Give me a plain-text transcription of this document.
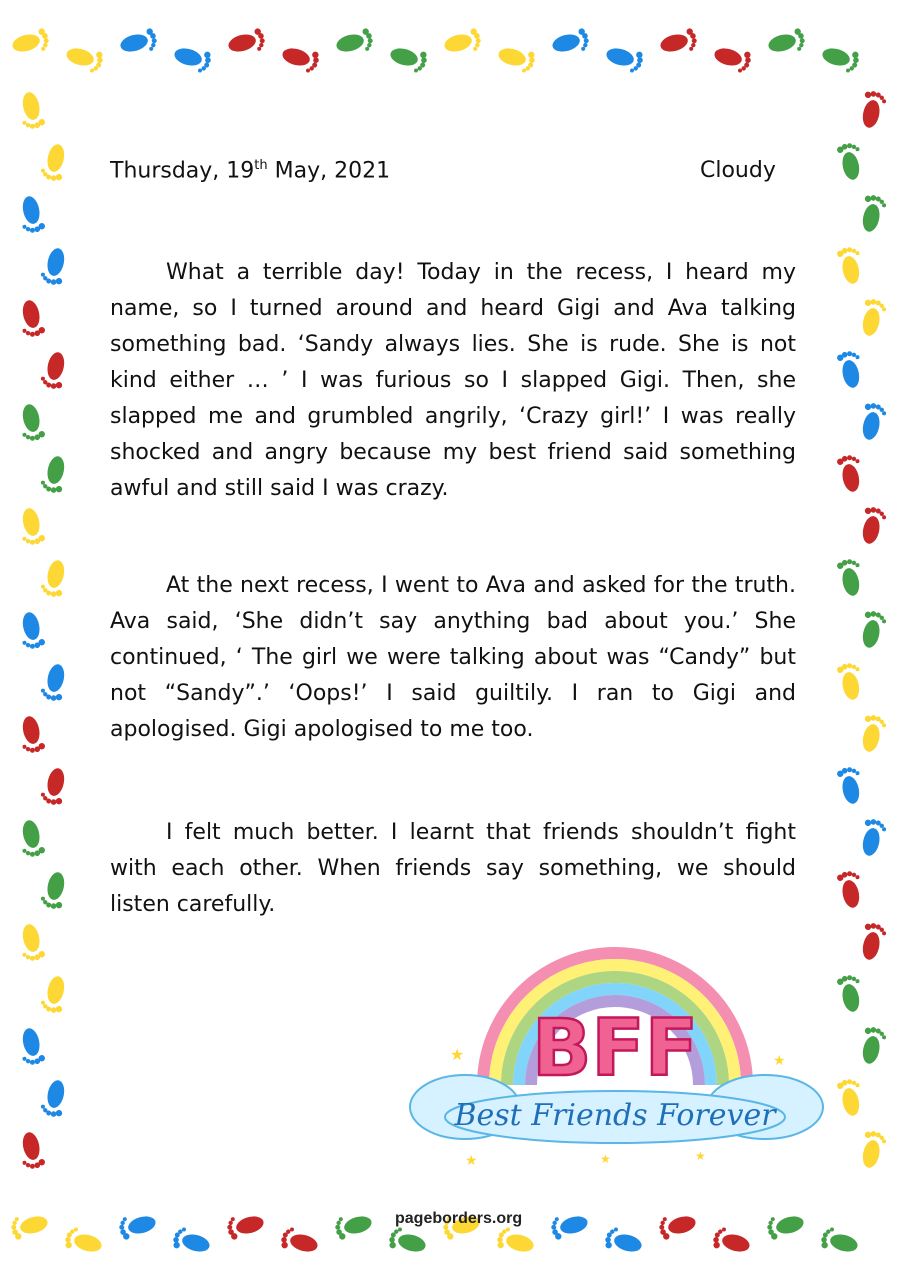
Thursday, 19th May, 2021	Cloudy

What a terrible day! Today in the recess, I heard my name, so I turned around and heard Gigi and Ava talking something bad. ‘Sandy always lies. She is rude. She is not kind either … ’ I was furious so I slapped Gigi. Then, she slapped me and grumbled angrily, ‘Crazy girl!’ I was really shocked and angry because my best friend said something awful and still said I was crazy.

At the next recess, I went to Ava and asked for the truth. Ava said, ‘She didn’t say anything bad about you.’ She continued, ‘ The girl we were talking about was “Candy” but not “Sandy”.’ ‘Oops!’ I said guiltily. I ran to Gigi and apologised. Gigi apologised to me too.

I felt much better. I learnt that friends shouldn’t fight with each other. When friends say something, we should listen carefully.

★	★
★	★	★
BFF
Best Friends Forever
pageborders.org
